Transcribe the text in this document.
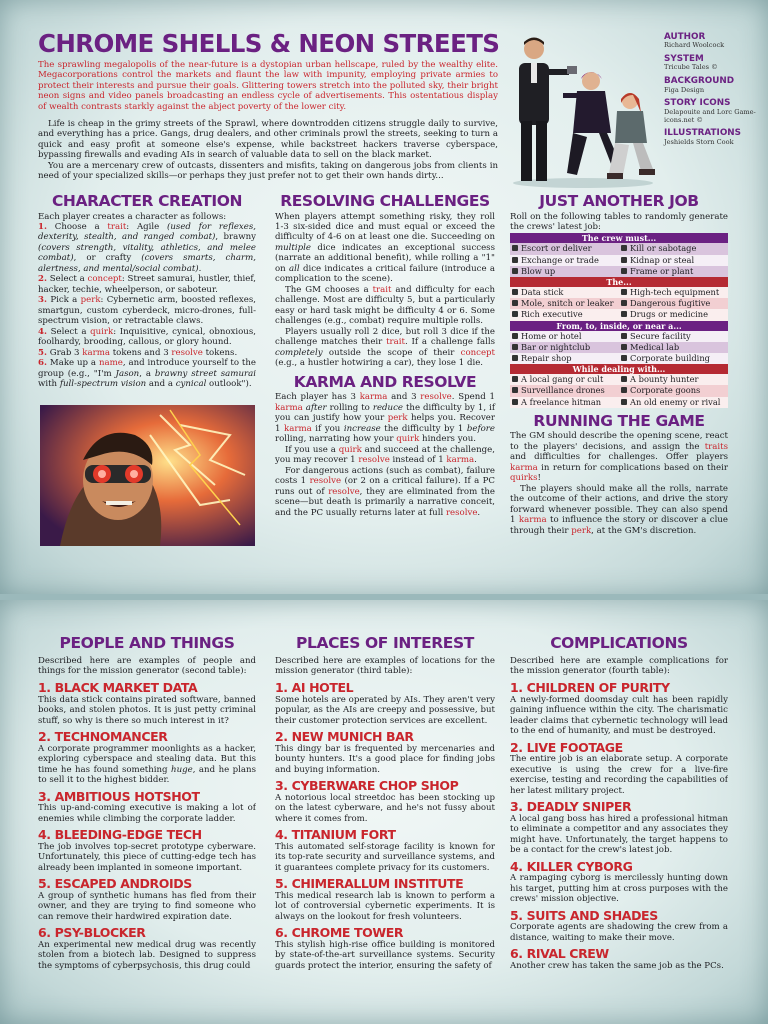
CHROME SHELLS & NEON STREETS
The sprawling megalopolis of the near-future is a dystopian urban hellscape, ruled by the wealthy elite. Megacorporations control the markets and flaunt the law with impunity, employing private armies to protect their interests and pursue their goals. Glittering towers stretch into the polluted sky, their bright neon signs and video panels broadcasting an endless cycle of advertisements. This ostentatious display of wealth contrasts starkly against the abject poverty of the lower city.

Life is cheap in the grimy streets of the Sprawl, where downtrodden citizens struggle daily to survive, and everything has a price. Gangs, drug dealers, and other criminals prowl the streets, seeking to turn a quick and easy profit at someone else's expense, while backstreet hackers traverse cyberspace, bypassing firewalls and evading AIs in search of valuable data to sell on the black market.

You are a mercenary crew of outcasts, dissenters and misfits, taking on dangerous jobs from clients in need of your specialized skills—or perhaps they just prefer not to get their own hands dirty...

AUTHOR
Richard Woolcock
SYSTEM
Tricube Tales ©
BACKGROUND
Figa Design
STORY ICONS
Delapouite and Lorc Game-icons.net ©
ILLUSTRATIONS
Jeshields Storn Cook
CHARACTER CREATION

Each player creates a character as follows:

1. Choose a trait: Agile (used for reflexes, dexterity, stealth, and ranged combat), brawny (covers strength, vitality, athletics, and melee combat), or crafty (covers smarts, charm, alertness, and mental/social combat).

2. Select a concept: Street samurai, hustler, thief, hacker, techie, wheelperson, or saboteur.

3. Pick a perk: Cybernetic arm, boosted reflexes, smartgun, custom cyberdeck, micro-drones, full-spectrum vision, or retractable claws.

4. Select a quirk: Inquisitive, cynical, obnoxious, foolhardy, brooding, callous, or glory hound.

5. Grab 3 karma tokens and 3 resolve tokens.

6. Make up a name, and introduce yourself to the group (e.g., "I'm Jason, a brawny street samurai with full-spectrum vision and a cynical outlook").

RESOLVING CHALLENGES

When players attempt something risky, they roll 1-3 six-sided dice and must equal or exceed the difficulty of 4-6 on at least one die. Succeeding on multiple dice indicates an exceptional success (narrate an additional benefit), while rolling a "1" on all dice indicates a critical failure (introduce a complication to the scene).

The GM chooses a trait and difficulty for each challenge. Most are difficulty 5, but a particularly easy or hard task might be difficulty 4 or 6. Some challenges (e.g., combat) require multiple rolls.

Players usually roll 2 dice, but roll 3 dice if the challenge matches their trait. If a challenge falls completely outside the scope of their concept (e.g., a hustler hotwiring a car), they lose 1 die.

KARMA AND RESOLVE

Each player has 3 karma and 3 resolve. Spend 1 karma after rolling to reduce the difficulty by 1, if you can justify how your perk helps you. Recover 1 karma if you increase the difficulty by 1 before rolling, narrating how your quirk hinders you.

If you use a quirk and succeed at the challenge, you may recover 1 resolve instead of 1 karma.

For dangerous actions (such as combat), failure costs 1 resolve (or 2 on a critical failure). If a PC runs out of resolve, they are eliminated from the scene—but death is primarily a narrative conceit, and the PC usually returns later at full resolve.

JUST ANOTHER JOB

Roll on the following tables to randomly generate the crews' latest job:

The crew must...
Escort or deliver	Kill or sabotage
Exchange or trade	Kidnap or steal
Blow up	Frame or plant
The...
Data stick	High-tech equipment
Mole, snitch or leaker	Dangerous fugitive
Rich executive	Drugs or medicine
From, to, inside, or near a...
Home or hotel	Secure facility
Bar or nightclub	Medical lab
Repair shop	Corporate building
While dealing with...
A local gang or cult	A bounty hunter
Surveillance drones	Corporate goons
A freelance hitman	An old enemy or rival
RUNNING THE GAME

The GM should describe the opening scene, react to the players' decisions, and assign the traits and difficulties for challenges. Offer players karma in return for complications based on their quirks!

The players should make all the rolls, narrate the outcome of their actions, and drive the story forward whenever possible. They can also spend 1 karma to influence the story or discover a clue through their perk, at the GM's discretion.

PEOPLE AND THINGS

Described here are examples of people and things for the mission generator (second table):

1. BLACK MARKET DATA

This data stick contains pirated software, banned books, and stolen photos. It is just petty criminal stuff, so why is there so much interest in it?

2. TECHNOMANCER

A corporate programmer moonlights as a hacker, exploring cyberspace and stealing data. But this time he has found something huge, and he plans to sell it to the highest bidder.

3. AMBITIOUS HOTSHOT

This up-and-coming executive is making a lot of enemies while climbing the corporate ladder.

4. BLEEDING-EDGE TECH

The job involves top-secret prototype cyberware. Unfortunately, this piece of cutting-edge tech has already been implanted in someone important.

5. ESCAPED ANDROIDS

A group of synthetic humans has fled from their owner, and they are trying to find someone who can remove their hardwired expiration date.

6. PSY-BLOCKER

An experimental new medical drug was recently stolen from a biotech lab. Designed to suppress the symptoms of cyberpsychosis, this drug could

PLACES OF INTEREST

Described here are examples of locations for the mission generator (third table):

1. AI HOTEL

Some hotels are operated by AIs. They aren't very popular, as the AIs are creepy and possessive, but their customer protection services are excellent.

2. NEW MUNICH BAR

This dingy bar is frequented by mercenaries and bounty hunters. It's a good place for finding jobs and buying information.

3. CYBERWARE CHOP SHOP

A notorious local streetdoc has been stocking up on the latest cyberware, and he's not fussy about where it comes from.

4. TITANIUM FORT

This automated self-storage facility is known for its top-rate security and surveillance systems, and it guarantees complete privacy for its customers.

5. CHIMERALLUM INSTITUTE

This medical research lab is known to perform a lot of controversial cybernetic experiments. It is always on the lookout for fresh volunteers.

6. CHROME TOWER

This stylish high-rise office building is monitored by state-of-the-art surveillance systems. Security guards protect the interior, ensuring the safety of

COMPLICATIONS

Described here are example complications for the mission generator (fourth table):

1. CHILDREN OF PURITY

A newly-formed doomsday cult has been rapidly gaining influence within the city. The charismatic leader claims that cybernetic technology will lead to the end of humanity, and must be destroyed.

2. LIVE FOOTAGE

The entire job is an elaborate setup. A corporate executive is using the crew for a live-fire exercise, testing and recording the capabilities of her latest military project.

3. DEADLY SNIPER

A local gang boss has hired a professional hitman to eliminate a competitor and any associates they might have. Unfortunately, the target happens to be a contact for the crew's latest job.

4. KILLER CYBORG

A rampaging cyborg is mercilessly hunting down his target, putting him at cross purposes with the crews' mission objective.

5. SUITS AND SHADES

Corporate agents are shadowing the crew from a distance, waiting to make their move.

6. RIVAL CREW

Another crew has taken the same job as the PCs.
